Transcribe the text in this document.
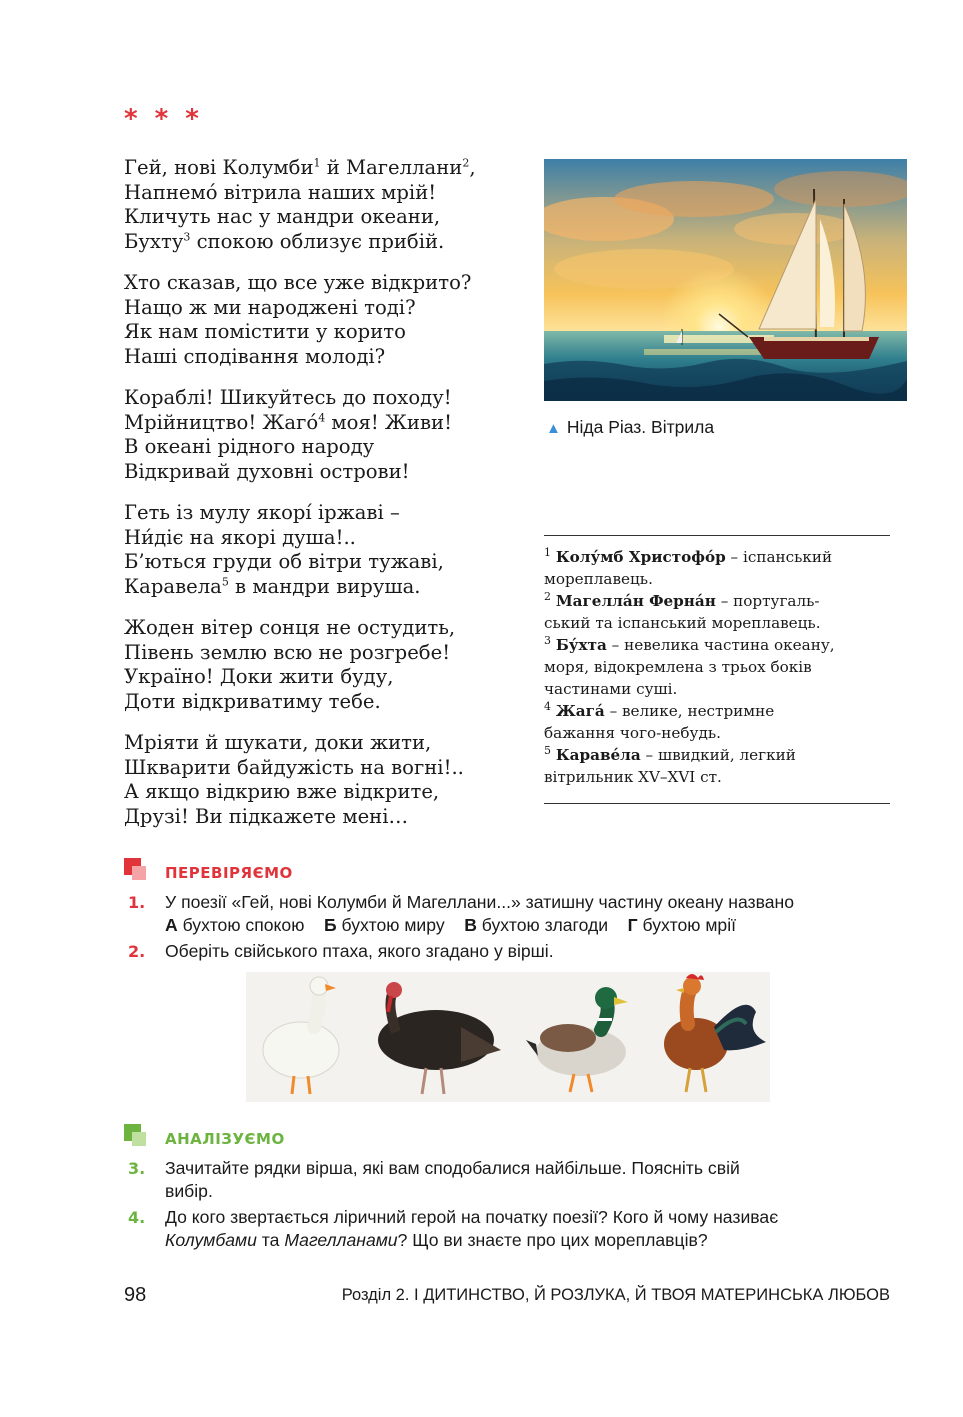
* * *
Гей, нові Колумби$^1$ й Магеллани$^2$,
Напнемó вітрила наших мрій!
Кличуть нас у мандри океани,
Бухту$^3$ спокою облизує прибій.
Хто сказав, що все уже відкрито?
Нащо ж ми народжені тоді?
Як нам помістити у корито
Наші сподівання молоді?
Кораблі! Шикуйтесь до походу!
Мрійництво! Жагó$^4$ моя! Живи!
В океані рідного народу
Відкривай духовні острови!
Геть із мулу якорі́ іржаві –
Ни́діє на якорі душа!..
Б’ються груди об вітри тужаві,
Каравела$^5$ в мандри вируша.
Жоден вітер сонця не остудить,
Півень землю всю не розгребе!
Україно! Доки жити буду,
Доти відкриватиму тебе.
Мріяти й шукати, доки жити,
Шкварити байдужість на вогні!..
А якщо відкрию вже відкрите,
Друзі! Ви підкажете мені…
▲ Ніда Ріаз. Вітрила
$^1$ Колу́мб Христофóр – іспанський
мореплавець.
$^2$ Магелла́н Ферна́н – португаль-
ський та іспанський мореплавець.
$^3$ Бу́хта – невелика частина океану,
моря, відокремлена з трьох боків
частинами суші.
$^4$ Жагá – велике, нестримне
бажання чого-небудь.
$^5$ Караве́ла – швидкий, легкий
вітрильник XV–XVI ст.
ПЕРЕВІРЯЄМО
1. У поезії «Гей, нові Колумби й Магеллани...» затишну частину океану названо
А бухтою спокою Б бухтою миру В бухтою злагоди Г бухтою мрії
2. Оберіть свійського птаха, якого згадано у вірші.
АНАЛІЗУЄМО
3. Зачитайте рядки вірша, які вам сподобалися найбільше. Поясніть свій
вибір.
4. До кого звертається ліричний герой на початку поезії? Кого й чому називає
Колумбами та Магелланами? Що ви знаєте про цих мореплавців?
98	Розділ 2. І ДИТИНСТВО, Й РОЗЛУКА, Й ТВОЯ МАТЕРИНСЬКА ЛЮБОВ
